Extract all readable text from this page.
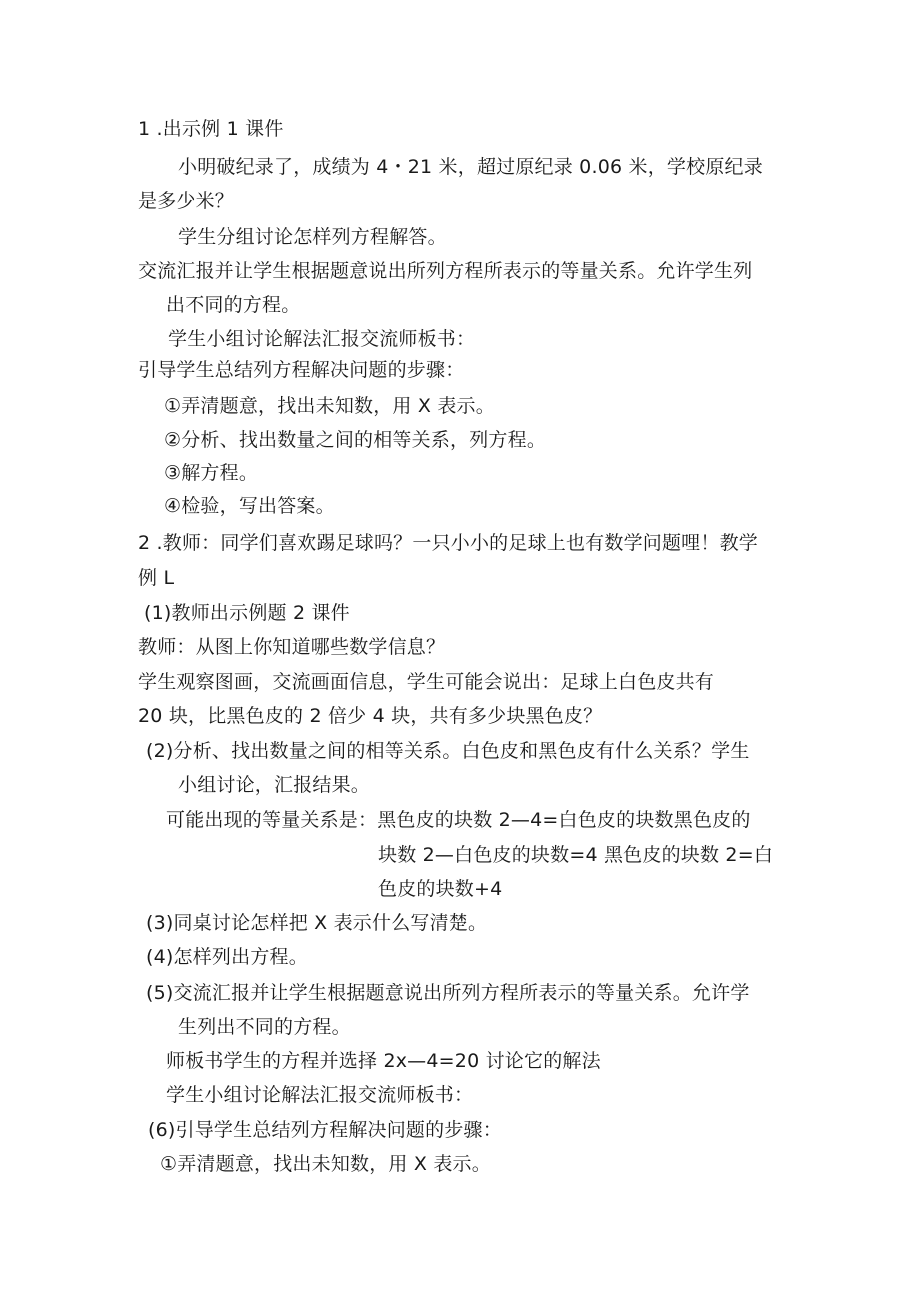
1 .出示例 1 课件
小明破纪录了，成绩为 4・21 米，超过原纪录 0.06 米，学校原纪录
是多少米？
学生分组讨论怎样列方程解答。
交流汇报并让学生根据题意说出所列方程所表示的等量关系。允许学生列
出不同的方程。
学生小组讨论解法汇报交流师板书：
引导学生总结列方程解决问题的步骤：
①弄清题意，找出未知数，用 X 表示。
②分析、找出数量之间的相等关系，列方程。
③解方程。
④检验，写出答案。
2 .教师：同学们喜欢踢足球吗？一只小小的足球上也有数学问题哩！教学
例 L
(1)教师出示例题 2 课件
教师：从图上你知道哪些数学信息？
学生观察图画，交流画面信息，学生可能会说出：足球上白色皮共有
20 块，比黑色皮的 2 倍少 4 块，共有多少块黑色皮？
(2)分析、找出数量之间的相等关系。白色皮和黑色皮有什么关系？学生
小组讨论，汇报结果。
可能出现的等量关系是：黑色皮的块数 2—4=白色皮的块数黑色皮的
块数 2—白色皮的块数=4 黑色皮的块数 2=白
色皮的块数+4
(3)同桌讨论怎样把 X 表示什么写清楚。
(4)怎样列出方程。
(5)交流汇报并让学生根据题意说出所列方程所表示的等量关系。允许学
生列出不同的方程。
师板书学生的方程并选择 2x—4=20 讨论它的解法
学生小组讨论解法汇报交流师板书：
(6)引导学生总结列方程解决问题的步骤：
①弄清题意，找出未知数，用 X 表示。
